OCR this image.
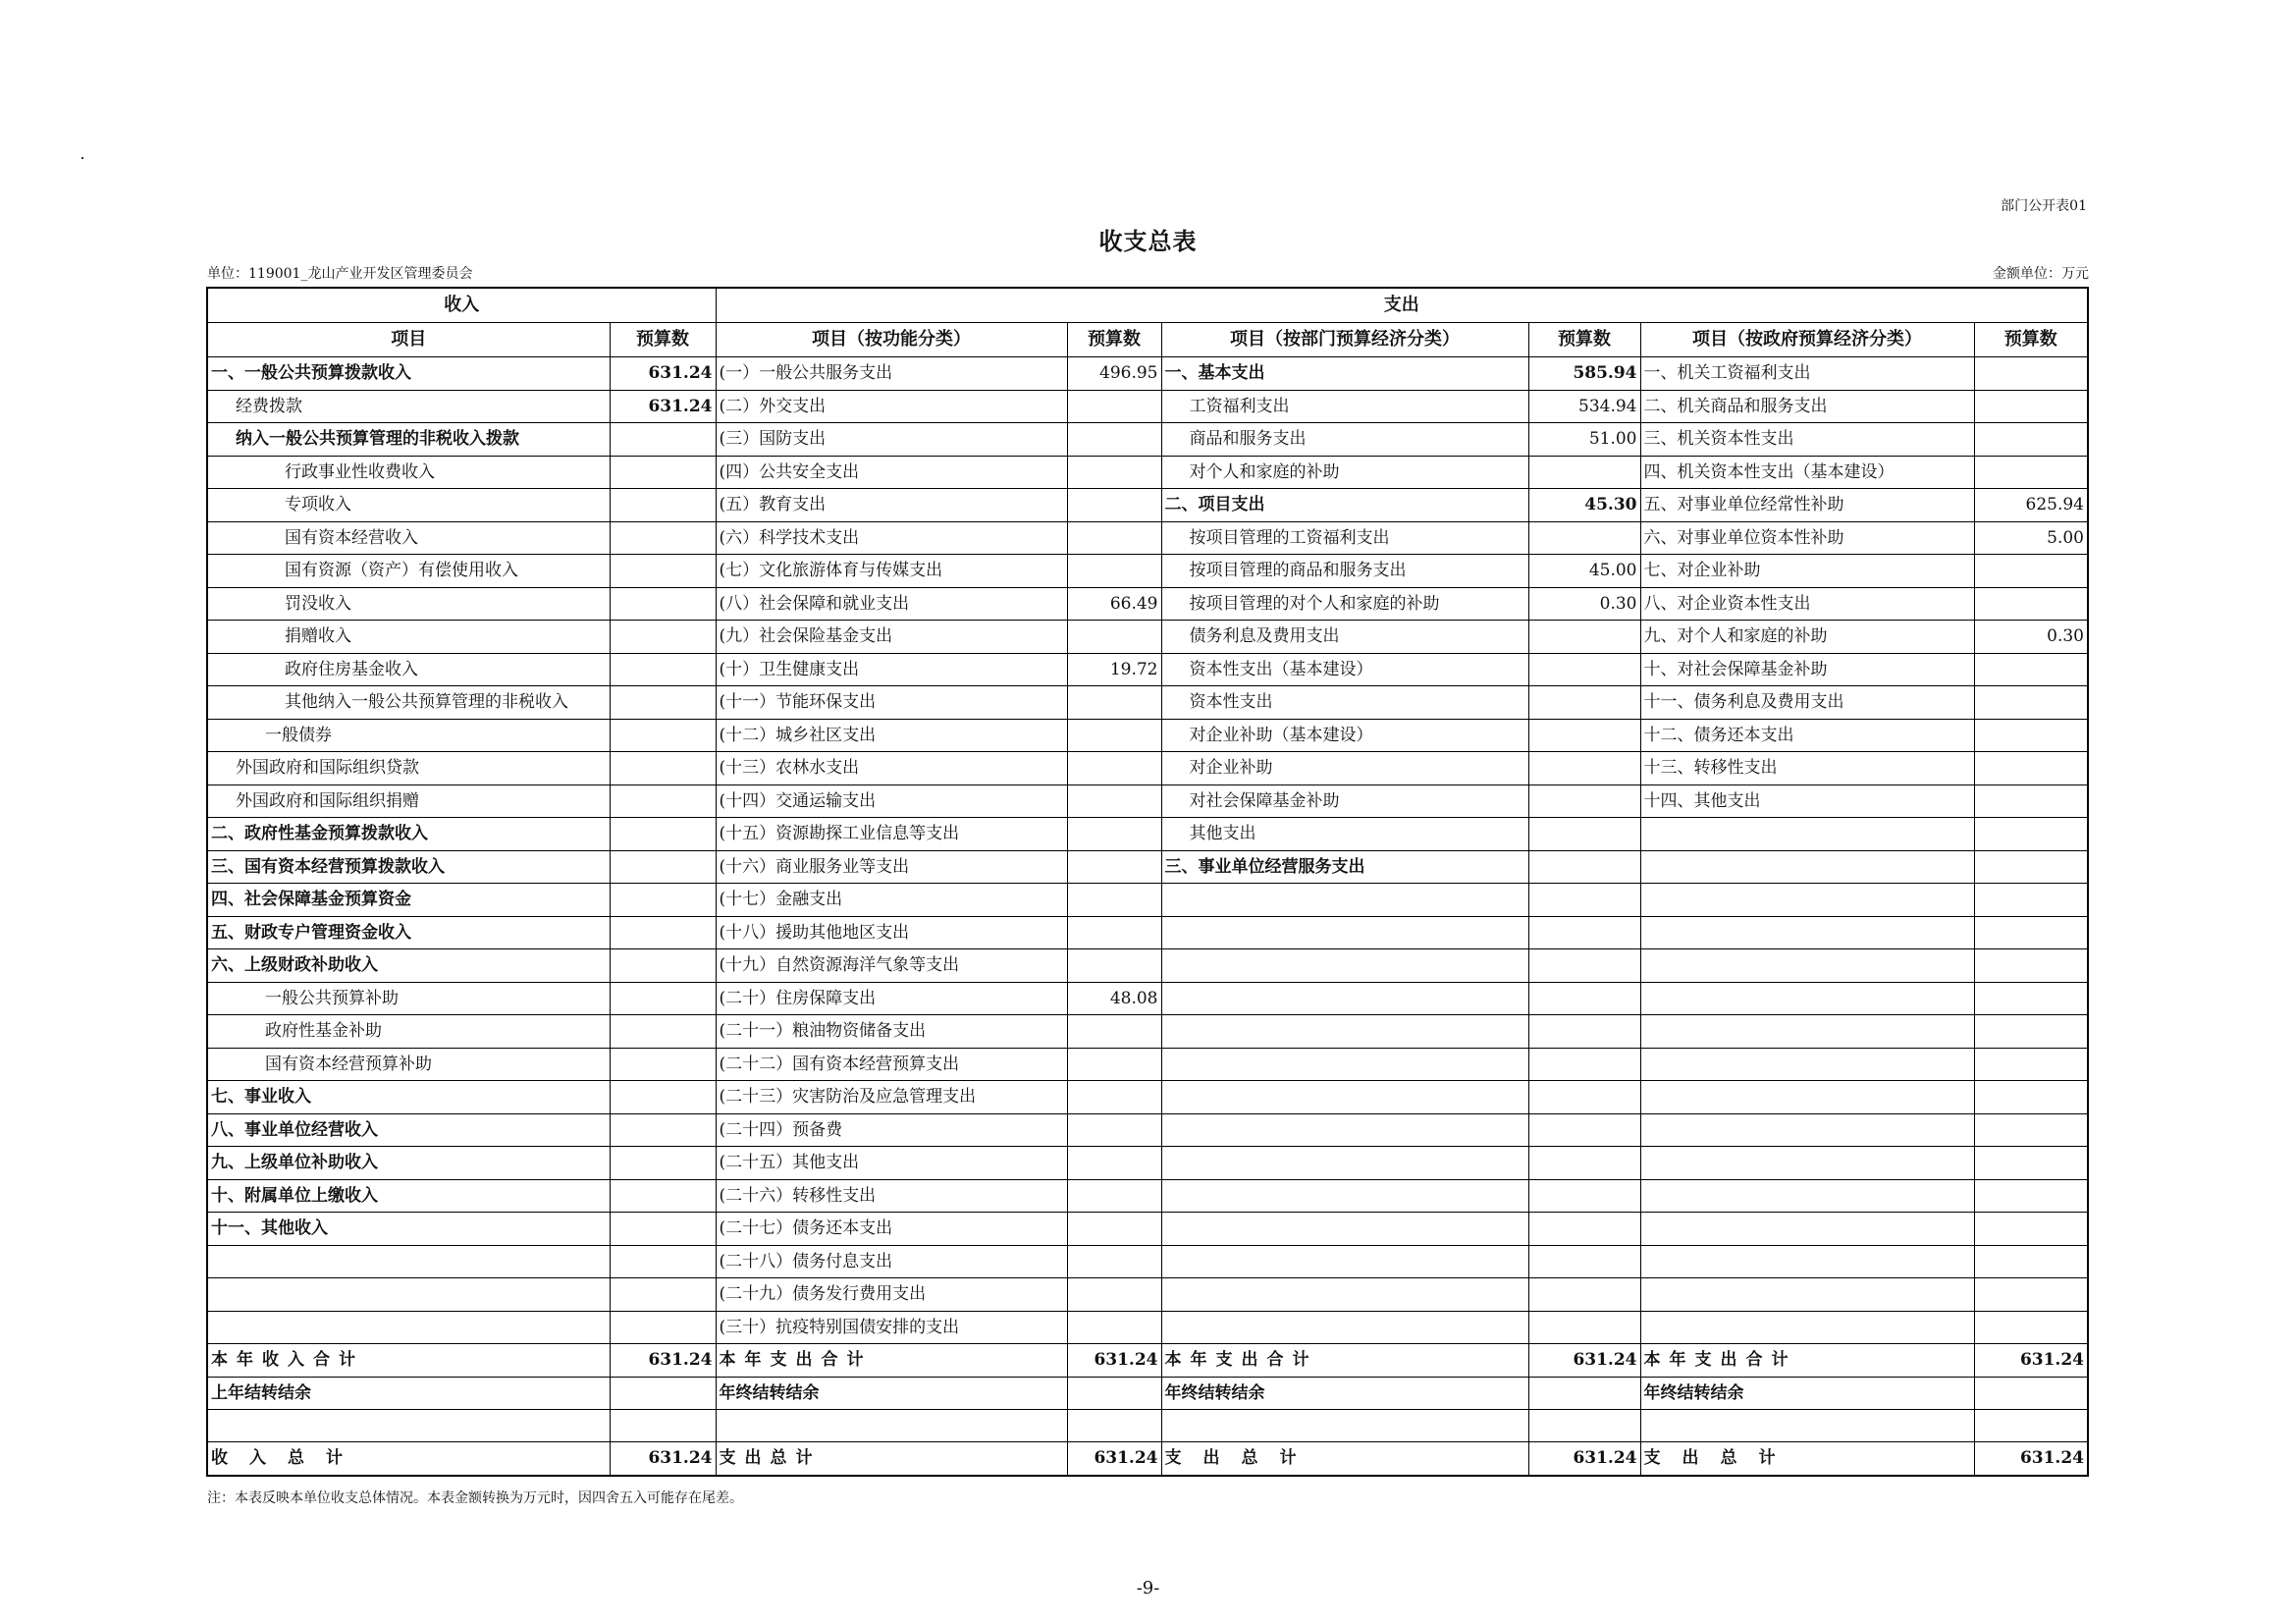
部门公开表01
收支总表
单位：119001_龙山产业开发区管理委员会	金额单位：万元
收入		支出					
项目	预算数	项目（按功能分类）	预算数	项目（按部门预算经济分类）	预算数	项目（按政府预算经济分类）	预算数
一、一般公共预算拨款收入	631.24	(一）一般公共服务支出	496.95	一、基本支出	585.94	一、机关工资福利支出	
经费拨款	631.24	(二）外交支出		工资福利支出	534.94	二、机关商品和服务支出	
纳入一般公共预算管理的非税收入拨款		(三）国防支出		商品和服务支出	51.00	三、机关资本性支出	
行政事业性收费收入		(四）公共安全支出		对个人和家庭的补助		四、机关资本性支出（基本建设）	
专项收入		(五）教育支出		二、项目支出	45.30	五、对事业单位经常性补助	625.94
国有资本经营收入		(六）科学技术支出		按项目管理的工资福利支出		六、对事业单位资本性补助	5.00
国有资源（资产）有偿使用收入		(七）文化旅游体育与传媒支出		按项目管理的商品和服务支出	45.00	七、对企业补助	
罚没收入		(八）社会保障和就业支出	66.49	按项目管理的对个人和家庭的补助	0.30	八、对企业资本性支出	
捐赠收入		(九）社会保险基金支出		债务利息及费用支出		九、对个人和家庭的补助	0.30
政府住房基金收入		(十）卫生健康支出	19.72	资本性支出（基本建设）		十、对社会保障基金补助	
其他纳入一般公共预算管理的非税收入		(十一）节能环保支出		资本性支出		十一、债务利息及费用支出	
一般债券		(十二）城乡社区支出		对企业补助（基本建设）		十二、债务还本支出	
外国政府和国际组织贷款		(十三）农林水支出		对企业补助		十三、转移性支出	
外国政府和国际组织捐赠		(十四）交通运输支出		对社会保障基金补助		十四、其他支出	
二、政府性基金预算拨款收入		(十五）资源勘探工业信息等支出		其他支出			
三、国有资本经营预算拨款收入		(十六）商业服务业等支出		三、事业单位经营服务支出			
四、社会保障基金预算资金		(十七）金融支出					
五、财政专户管理资金收入		(十八）援助其他地区支出					
六、上级财政补助收入		(十九）自然资源海洋气象等支出					
一般公共预算补助		(二十）住房保障支出	48.08				
政府性基金补助		(二十一）粮油物资储备支出					
国有资本经营预算补助		(二十二）国有资本经营预算支出					
七、事业收入		(二十三）灾害防治及应急管理支出					
八、事业单位经营收入		(二十四）预备费					
九、上级单位补助收入		(二十五）其他支出					
十、附属单位上缴收入		(二十六）转移性支出					
十一、其他收入		(二十七）债务还本支出					
		(二十八）债务付息支出					
		(二十九）债务发行费用支出					
		(三十）抗疫特别国债安排的支出					
本年收入合计	631.24	本年支出合计	631.24	本年支出合计	631.24	本年支出合计	631.24
上年结转结余		年终结转结余		年终结转结余		年终结转结余	

收入总计	631.24	支出总计	631.24	支出总计	631.24	支出总计	631.24
注：本表反映本单位收支总体情况。本表金额转换为万元时，因四舍五入可能存在尾差。
-9-
